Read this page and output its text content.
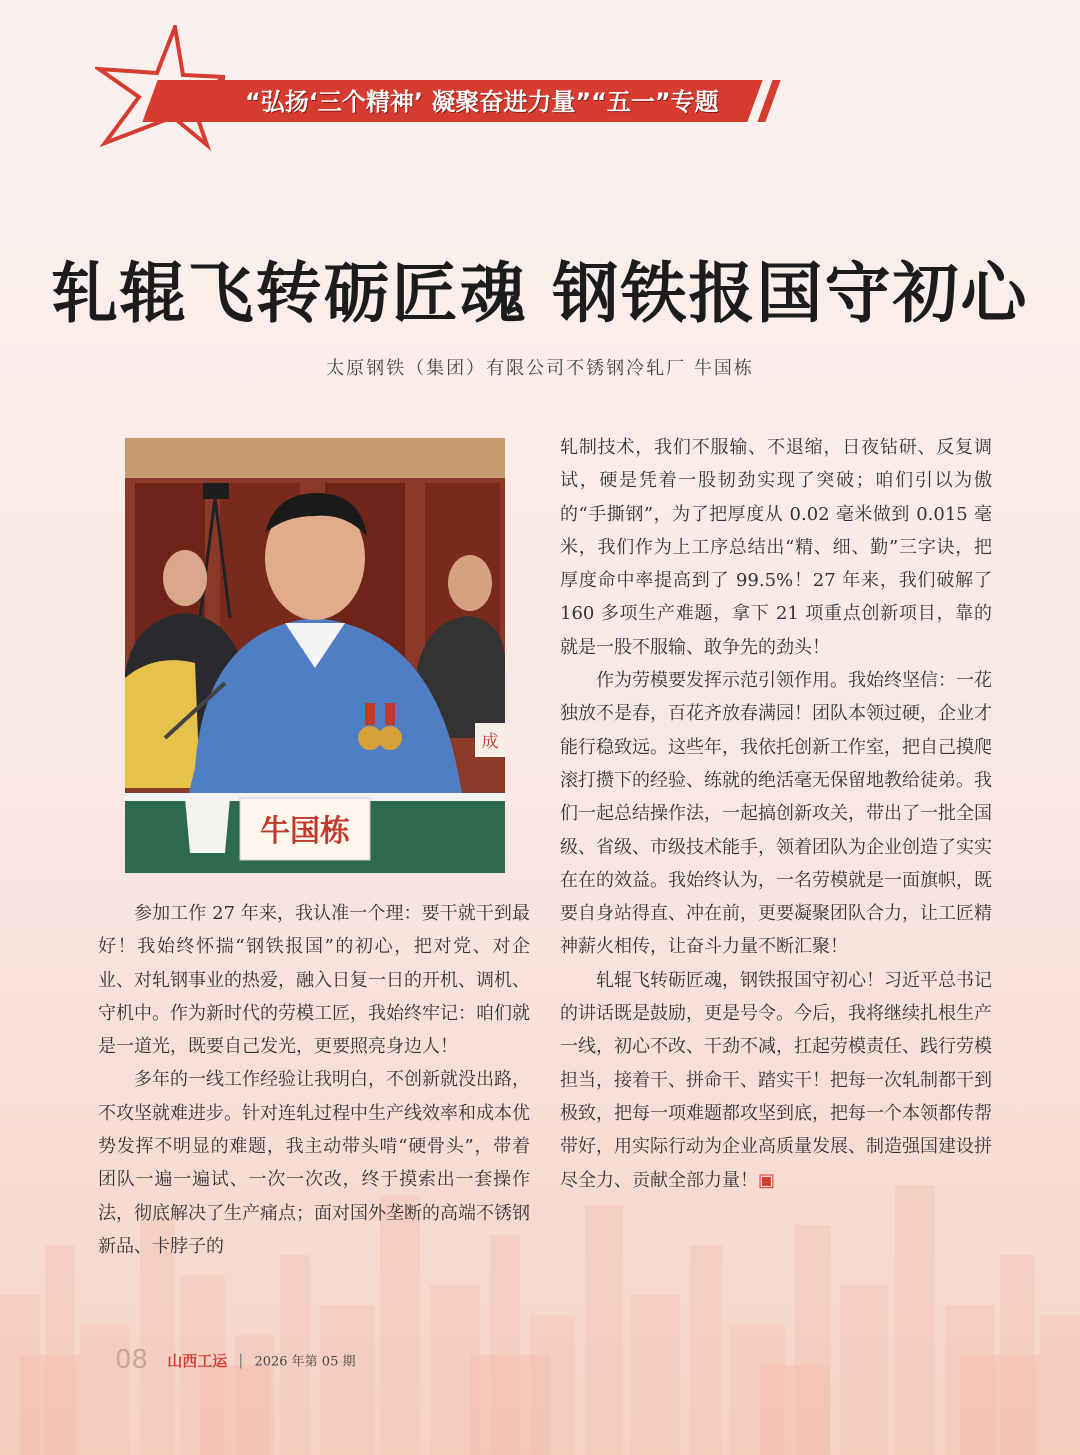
“弘扬‘三个精神’ 凝聚奋进力量”“五一”专题
轧辊飞转砺匠魂 钢铁报国守初心
太原钢铁（集团）有限公司不锈钢冷轧厂 牛国栋
牛国栋
成

参加工作 27 年来，我认准一个理：要干就干到最好！我始终怀揣“钢铁报国”的初心，把对党、对企业、对轧钢事业的热爱，融入日复一日的开机、调机、守机中。作为新时代的劳模工匠，我始终牢记：咱们就是一道光，既要自己发光，更要照亮身边人！

多年的一线工作经验让我明白，不创新就没出路，不攻坚就难进步。针对连轧过程中生产线效率和成本优势发挥不明显的难题，我主动带头啃“硬骨头”，带着团队一遍一遍试、一次一次改，终于摸索出一套操作法，彻底解决了生产痛点；面对国外垄断的高端不锈钢新品、卡脖子的

轧制技术，我们不服输、不退缩，日夜钻研、反复调试，硬是凭着一股韧劲实现了突破；咱们引以为傲的“手撕钢”，为了把厚度从 0.02 毫米做到 0.015 毫米，我们作为上工序总结出“精、细、勤”三字诀，把厚度命中率提高到了 99.5%！27 年来，我们破解了 160 多项生产难题，拿下 21 项重点创新项目，靠的就是一股不服输、敢争先的劲头！

作为劳模要发挥示范引领作用。我始终坚信：一花独放不是春，百花齐放春满园！团队本领过硬，企业才能行稳致远。这些年，我依托创新工作室，把自己摸爬滚打攒下的经验、练就的绝活毫无保留地教给徒弟。我们一起总结操作法，一起搞创新攻关，带出了一批全国级、省级、市级技术能手，领着团队为企业创造了实实在在的效益。我始终认为，一名劳模就是一面旗帜，既要自身站得直、冲在前，更要凝聚团队合力，让工匠精神薪火相传，让奋斗力量不断汇聚！

轧辊飞转砺匠魂，钢铁报国守初心！习近平总书记的讲话既是鼓励，更是号令。今后，我将继续扎根生产一线，初心不改、干劲不减，扛起劳模责任、践行劳模担当，接着干、拼命干、踏实干！把每一次轧制都干到极致，把每一项难题都攻坚到底，把每一个本领都传帮带好，用实际行动为企业高质量发展、制造强国建设拼尽全力、贡献全部力量！▣

08 山西工运 | 2026 年第 05 期
